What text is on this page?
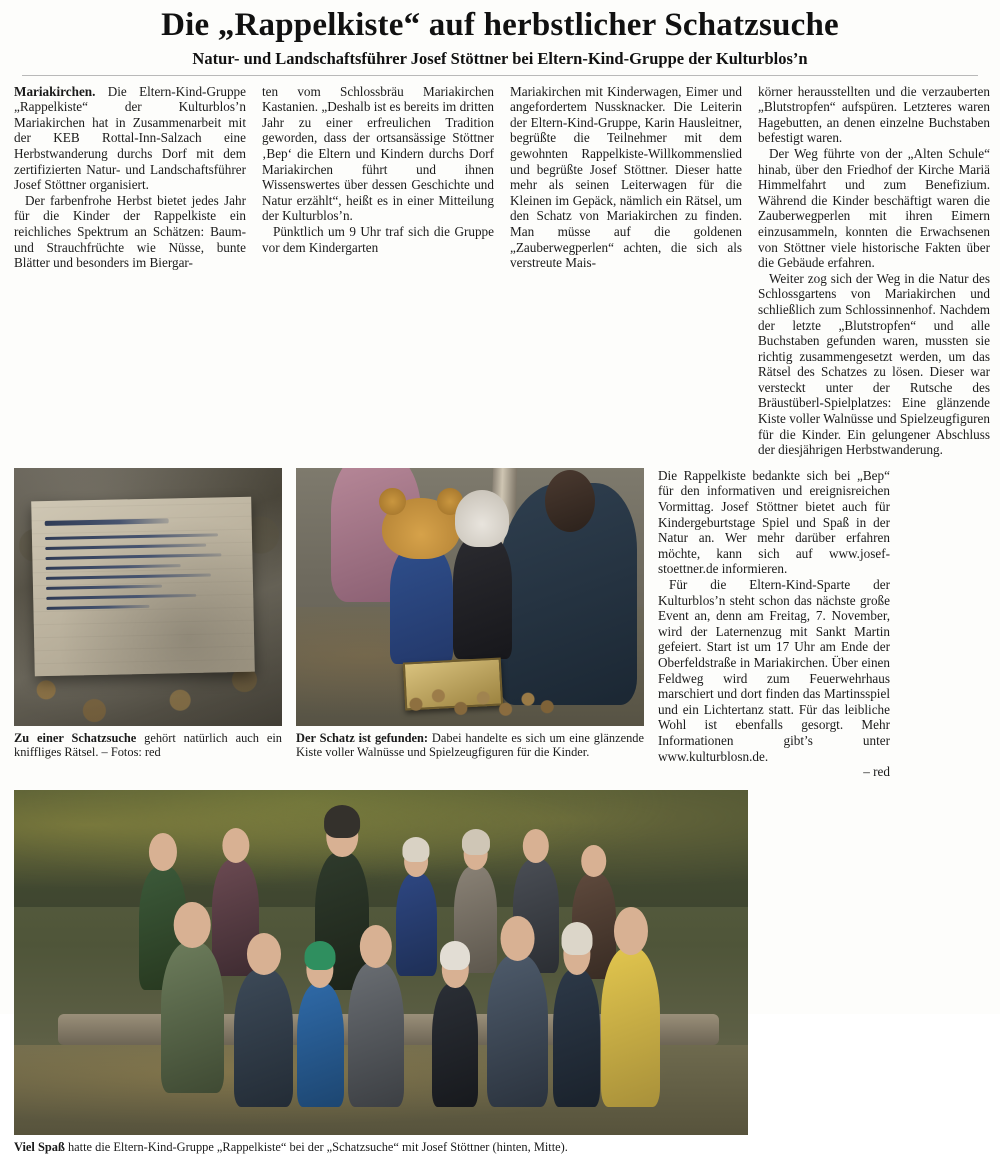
Die „Rappelkiste“ auf herbstlicher Schatzsuche
Natur- und Landschaftsführer Josef Stöttner bei Eltern-Kind-Gruppe der Kulturblos’n

Mariakirchen. Die Eltern-Kind-Gruppe „Rappelkiste“ der Kulturblos’n Mariakirchen hat in Zusammenarbeit mit der KEB Rottal-Inn-Salzach eine Herbstwanderung durchs Dorf mit dem zertifizierten Natur- und Landschaftsführer Josef Stöttner organisiert.

Der farbenfrohe Herbst bietet jedes Jahr für die Kinder der Rappelkiste ein reichliches Spektrum an Schätzen: Baum- und Strauchfrüchte wie Nüsse, bunte Blätter und besonders im Biergar-

ten vom Schlossbräu Mariakirchen Kastanien. „Deshalb ist es bereits im dritten Jahr zu einer erfreulichen Tradition geworden, dass der ortsansässige Stöttner ‚Bep‘ die Eltern und Kindern durchs Dorf Mariakirchen führt und ihnen Wissenswertes über dessen Geschichte und Natur erzählt“, heißt es in einer Mitteilung der Kulturblos’n.

Pünktlich um 9 Uhr traf sich die Gruppe vor dem Kindergarten

Mariakirchen mit Kinderwagen, Eimer und angefordertem Nussknacker. Die Leiterin der Eltern-Kind-Gruppe, Karin Hausleitner, begrüßte die Teilnehmer mit dem gewohnten Rappelkiste-Willkommenslied und begrüßte Josef Stöttner. Dieser hatte mehr als seinen Leiterwagen für die Kleinen im Gepäck, nämlich ein Rätsel, um den Schatz von Mariakirchen zu finden. Man müsse auf die goldenen „Zauberwegperlen“ achten, die sich als verstreute Mais-

körner herausstellten und die verzauberten „Blutstropfen“ aufspüren. Letzteres waren Hagebutten, an denen einzelne Buchstaben befestigt waren.

Der Weg führte von der „Alten Schule“ hinab, über den Friedhof der Kirche Mariä Himmelfahrt und zum Benefizium. Während die Kinder beschäftigt waren die Zauberwegperlen mit ihren Eimern einzusammeln, konnten die Erwachsenen von Stöttner viele historische Fakten über die Gebäude erfahren.

Weiter zog sich der Weg in die Natur des Schlossgartens von Mariakirchen und schließlich zum Schlossinnenhof. Nachdem der letzte „Blutstropfen“ und alle Buchstaben gefunden waren, mussten sie richtig zusammengesetzt werden, um das Rätsel des Schatzes zu lösen. Dieser war versteckt unter der Rutsche des Bräustüberl-Spielplatzes: Eine glänzende Kiste voller Walnüsse und Spielzeugfiguren für die Kinder. Ein gelungener Abschluss der diesjährigen Herbstwanderung.

Zu einer Schatzsuche gehört natürlich auch ein kniffliges Rätsel. – Fotos: red
Der Schatz ist gefunden: Dabei handelte es sich um eine glänzende Kiste voller Walnüsse und Spielzeugfiguren für die Kinder.

Die Rappelkiste bedankte sich bei „Bep“ für den informativen und ereignisreichen Vormittag. Josef Stöttner bietet auch für Kindergeburtstage Spiel und Spaß in der Natur an. Wer mehr darüber erfahren möchte, kann sich auf www.josef-stoettner.de informieren.

Für die Eltern-Kind-Sparte der Kulturblos’n steht schon das nächste große Event an, denn am Freitag, 7. November, wird der Laternenzug mit Sankt Martin gefeiert. Start ist um 17 Uhr am Ende der Oberfeldstraße in Mariakirchen. Über einen Feldweg wird zum Feuerwehrhaus marschiert und dort finden das Martinsspiel und ein Lichtertanz statt. Für das leibliche Wohl ist ebenfalls gesorgt. Mehr Informationen gibt’s unter www.kulturblosn.de.

– red

Viel Spaß hatte die Eltern-Kind-Gruppe „Rappelkiste“ bei der „Schatzsuche“ mit Josef Stöttner (hinten, Mitte).
